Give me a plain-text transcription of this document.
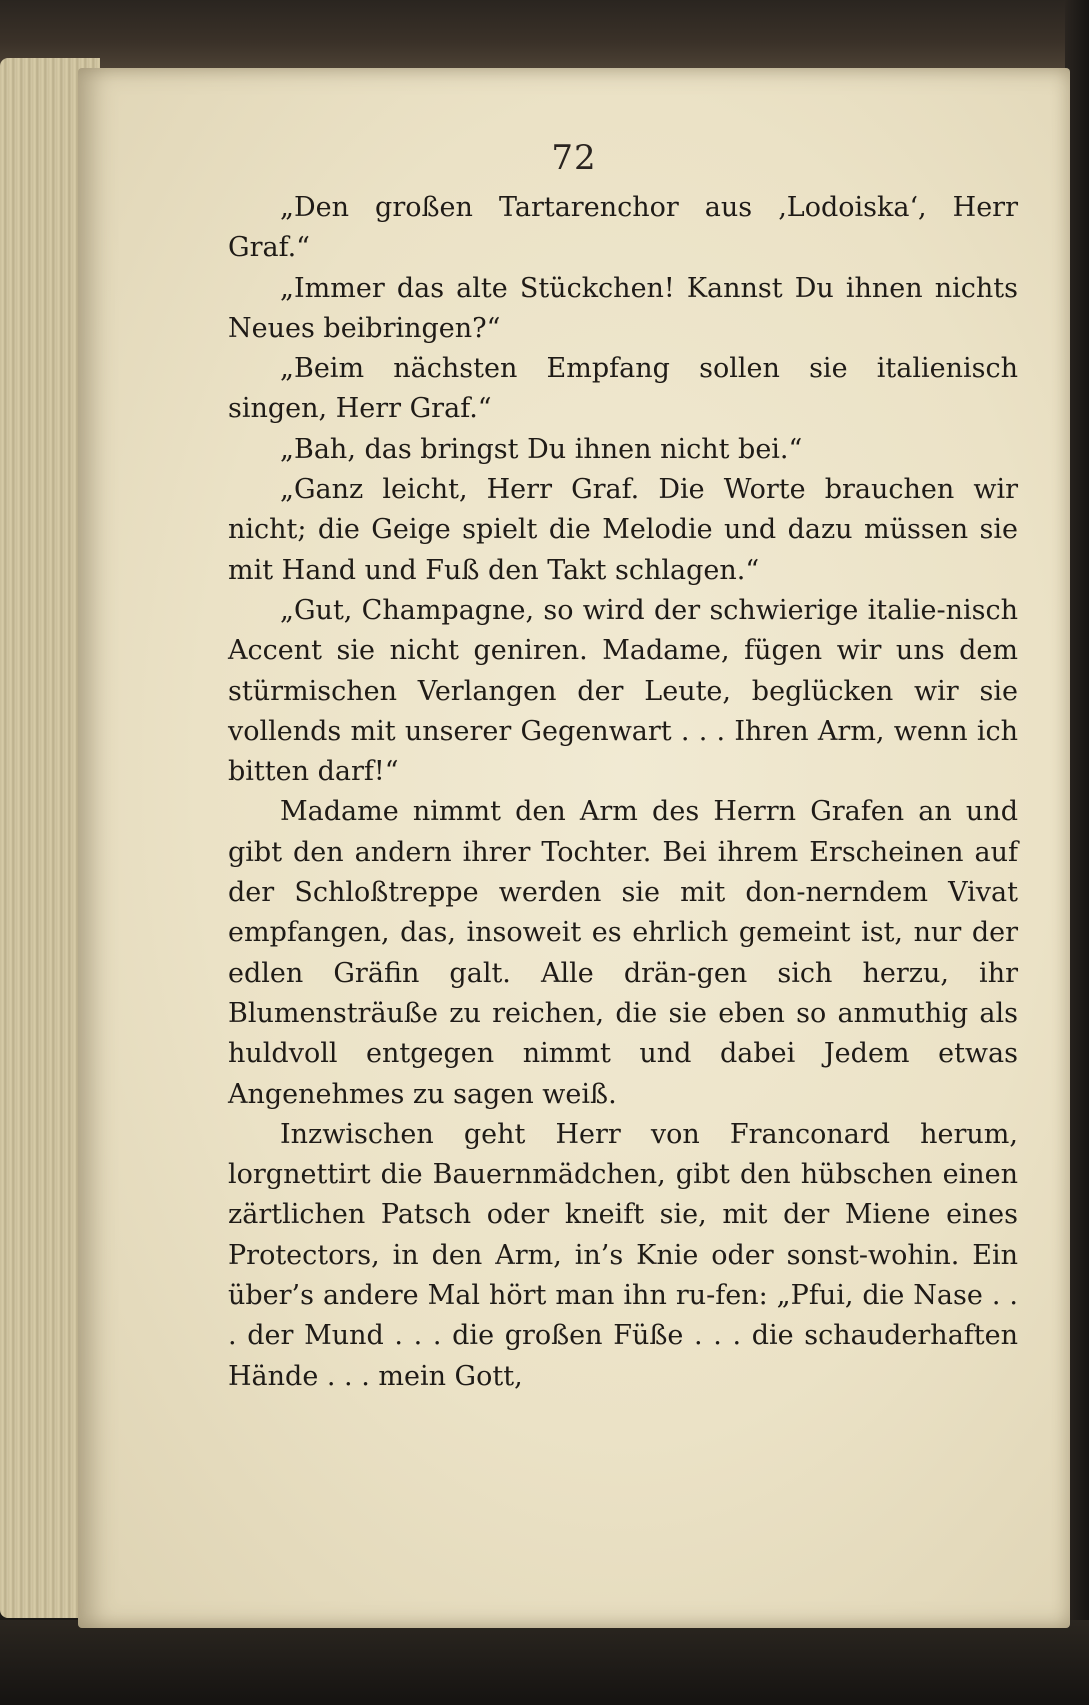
72

„Den großen Tartarenchor aus ‚Lodoiska‘, Herr Graf.“

„Immer das alte Stückchen! Kannst Du ihnen nichts Neues beibringen?“

„Beim nächsten Empfang sollen sie italienisch singen, Herr Graf.“

„Bah, das bringst Du ihnen nicht bei.“

„Ganz leicht, Herr Graf. Die Worte brauchen wir nicht; die Geige spielt die Melodie und dazu müssen sie mit Hand und Fuß den Takt schlagen.“

„Gut, Champagne, so wird der schwierige italie-nisch Accent sie nicht geniren. Madame, fügen wir uns dem stürmischen Verlangen der Leute, beglücken wir sie vollends mit unserer Gegenwart . . . Ihren Arm, wenn ich bitten darf!“

Madame nimmt den Arm des Herrn Grafen an und gibt den andern ihrer Tochter. Bei ihrem Erscheinen auf der Schloßtreppe werden sie mit don-nerndem Vivat empfangen, das, insoweit es ehrlich gemeint ist, nur der edlen Gräfin galt. Alle drän-gen sich herzu, ihr Blumensträuße zu reichen, die sie eben so anmuthig als huldvoll entgegen nimmt und dabei Jedem etwas Angenehmes zu sagen weiß.

Inzwischen geht Herr von Franconard herum, lorgnettirt die Bauernmädchen, gibt den hübschen einen zärtlichen Patsch oder kneift sie, mit der Miene eines Protectors, in den Arm, in’s Knie oder sonst-wohin. Ein über’s andere Mal hört man ihn ru-fen: „Pfui, die Nase . . . der Mund . . . die großen Füße . . . die schauderhaften Hände . . . mein Gott,
